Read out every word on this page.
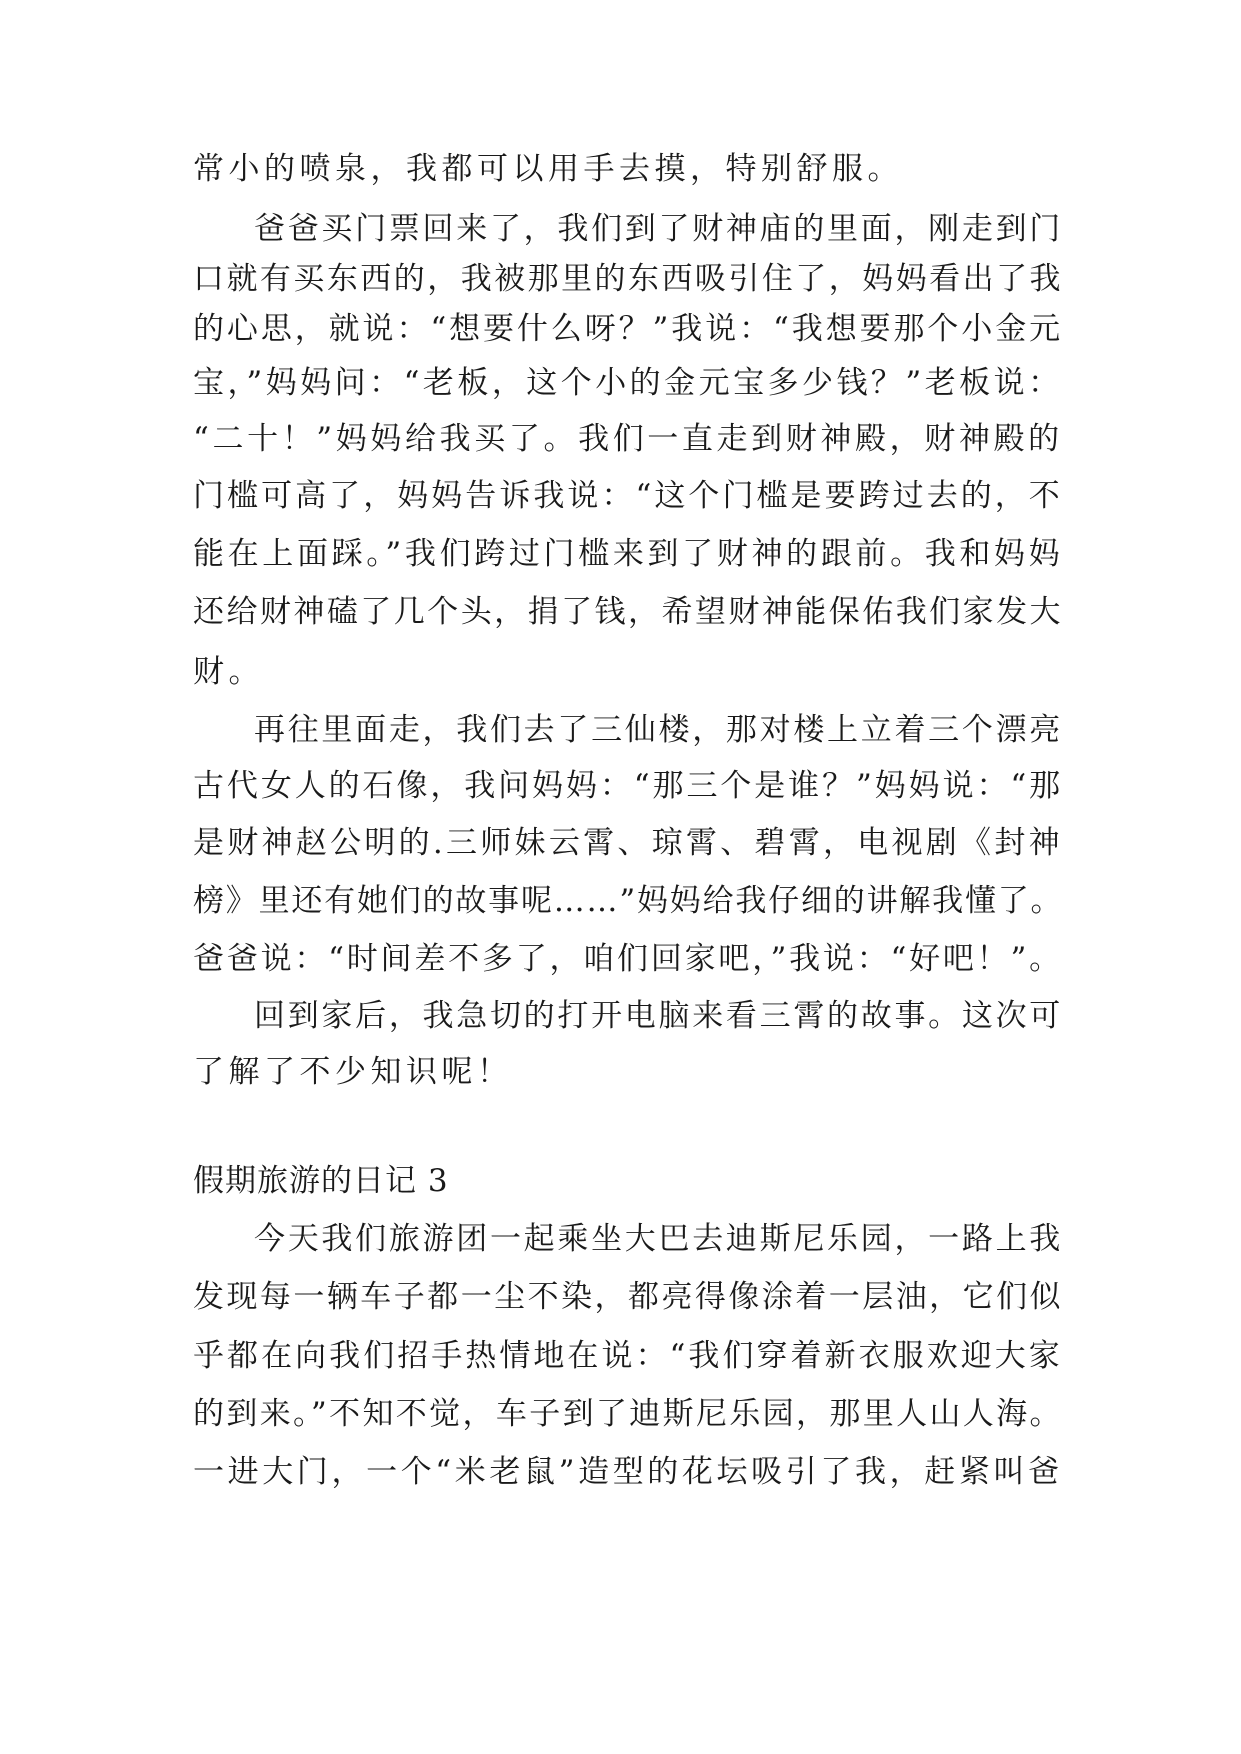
常小的喷泉，我都可以用手去摸，特别舒服。
爸爸买门票回来了，我们到了财神庙的里面，刚走到门
口就有买东西的，我被那里的东西吸引住了，妈妈看出了我
的心思，就说：“想要什么呀？”我说：“我想要那个小金元
宝，”妈妈问：“老板，这个小的金元宝多少钱？”老板说：
“二十！”妈妈给我买了。我们一直走到财神殿，财神殿的
门槛可高了，妈妈告诉我说：“这个门槛是要跨过去的，不
能在上面踩。”我们跨过门槛来到了财神的跟前。我和妈妈
还给财神磕了几个头，捐了钱，希望财神能保佑我们家发大
财。
再往里面走，我们去了三仙楼，那对楼上立着三个漂亮
古代女人的石像，我问妈妈：“那三个是谁？”妈妈说：“那
是财神赵公明的.三师妹云霄、琼霄、碧霄，电视剧《封神
榜》里还有她们的故事呢……”妈妈给我仔细的讲解我懂了。
爸爸说：“时间差不多了，咱们回家吧，”我说：“好吧！”。
回到家后，我急切的打开电脑来看三霄的故事。这次可
了解了不少知识呢！
假期旅游的日记 3
今天我们旅游团一起乘坐大巴去迪斯尼乐园，一路上我
发现每一辆车子都一尘不染，都亮得像涂着一层油，它们似
乎都在向我们招手热情地在说：“我们穿着新衣服欢迎大家
的到来。”不知不觉，车子到了迪斯尼乐园，那里人山人海。
一进大门，一个“米老鼠”造型的花坛吸引了我，赶紧叫爸
